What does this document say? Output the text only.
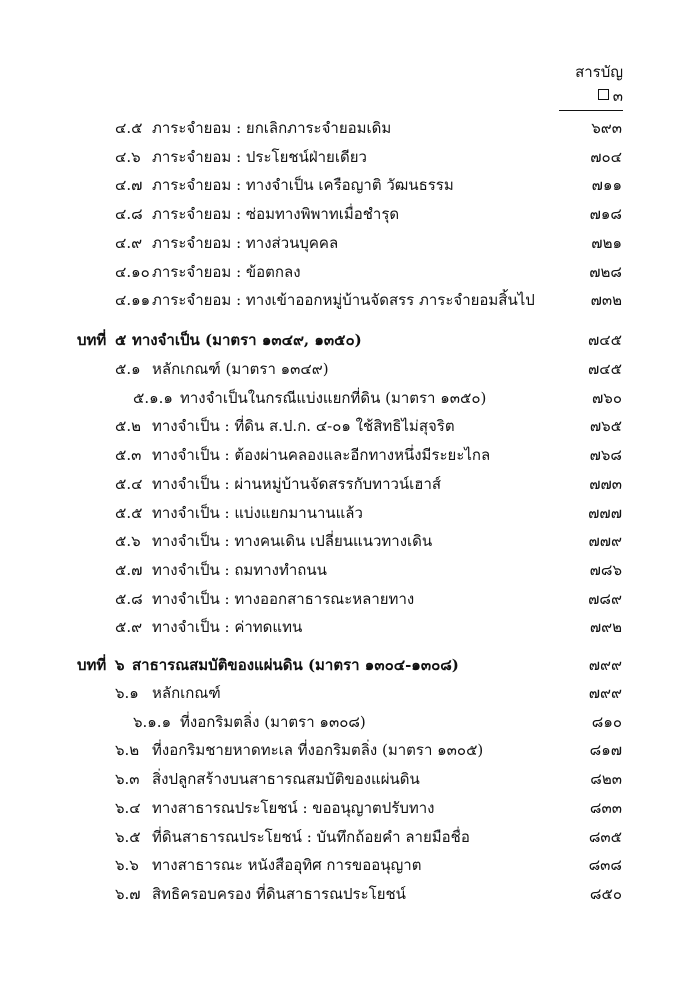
สารบัญ๓
๔.๕ ภาระจำยอม : ยกเลิกภาระจำยอมเดิม	๖๙๓
๔.๖ ภาระจำยอม : ประโยชน์ฝ่ายเดียว	๗๐๔
๔.๗ ภาระจำยอม : ทางจำเป็น เครือญาติ วัฒนธรรม	๗๑๑
๔.๘ ภาระจำยอม : ซ่อมทางพิพาทเมื่อชำรุด	๗๑๘
๔.๙ ภาระจำยอม : ทางส่วนบุคคล	๗๒๑
๔.๑๐ ภาระจำยอม : ข้อตกลง	๗๒๘
๔.๑๑ ภาระจำยอม : ทางเข้าออกหมู่บ้านจัดสรร ภาระจำยอมสิ้นไป	๗๓๒
บทที่ ๕ ทางจำเป็น (มาตรา ๑๓๔๙, ๑๓๕๐)	๗๔๕
๕.๑ หลักเกณฑ์ (มาตรา ๑๓๔๙)	๗๔๕
๕.๑.๑ ทางจำเป็นในกรณีแบ่งแยกที่ดิน (มาตรา ๑๓๕๐)	๗๖๐
๕.๒ ทางจำเป็น : ที่ดิน ส.ป.ก. ๔-๐๑ ใช้สิทธิไม่สุจริต	๗๖๕
๕.๓ ทางจำเป็น : ต้องผ่านคลองและอีกทางหนึ่งมีระยะไกล	๗๖๘
๕.๔ ทางจำเป็น : ผ่านหมู่บ้านจัดสรรกับทาวน์เฮาส์	๗๗๓
๕.๕ ทางจำเป็น : แบ่งแยกมานานแล้ว	๗๗๗
๕.๖ ทางจำเป็น : ทางคนเดิน เปลี่ยนแนวทางเดิน	๗๗๙
๕.๗ ทางจำเป็น : ถมทางทำถนน	๗๘๖
๕.๘ ทางจำเป็น : ทางออกสาธารณะหลายทาง	๗๘๙
๕.๙ ทางจำเป็น : ค่าทดแทน	๗๙๒
บทที่ ๖ สาธารณสมบัติของแผ่นดิน (มาตรา ๑๓๐๔-๑๓๐๘)	๗๙๙
๖.๑ หลักเกณฑ์	๗๙๙
๖.๑.๑ ที่งอกริมตลิ่ง (มาตรา ๑๓๐๘)	๘๑๐
๖.๒ ที่งอกริมชายหาดทะเล ที่งอกริมตลิ่ง (มาตรา ๑๓๐๕)	๘๑๗
๖.๓ สิ่งปลูกสร้างบนสาธารณสมบัติของแผ่นดิน	๘๒๓
๖.๔ ทางสาธารณประโยชน์ : ขออนุญาตปรับทาง	๘๓๓
๖.๕ ที่ดินสาธารณประโยชน์ : บันทึกถ้อยคำ ลายมือชื่อ	๘๓๕
๖.๖ ทางสาธารณะ หนังสืออุทิศ การขออนุญาต	๘๓๘
๖.๗ สิทธิครอบครอง ที่ดินสาธารณประโยชน์	๘๕๐
